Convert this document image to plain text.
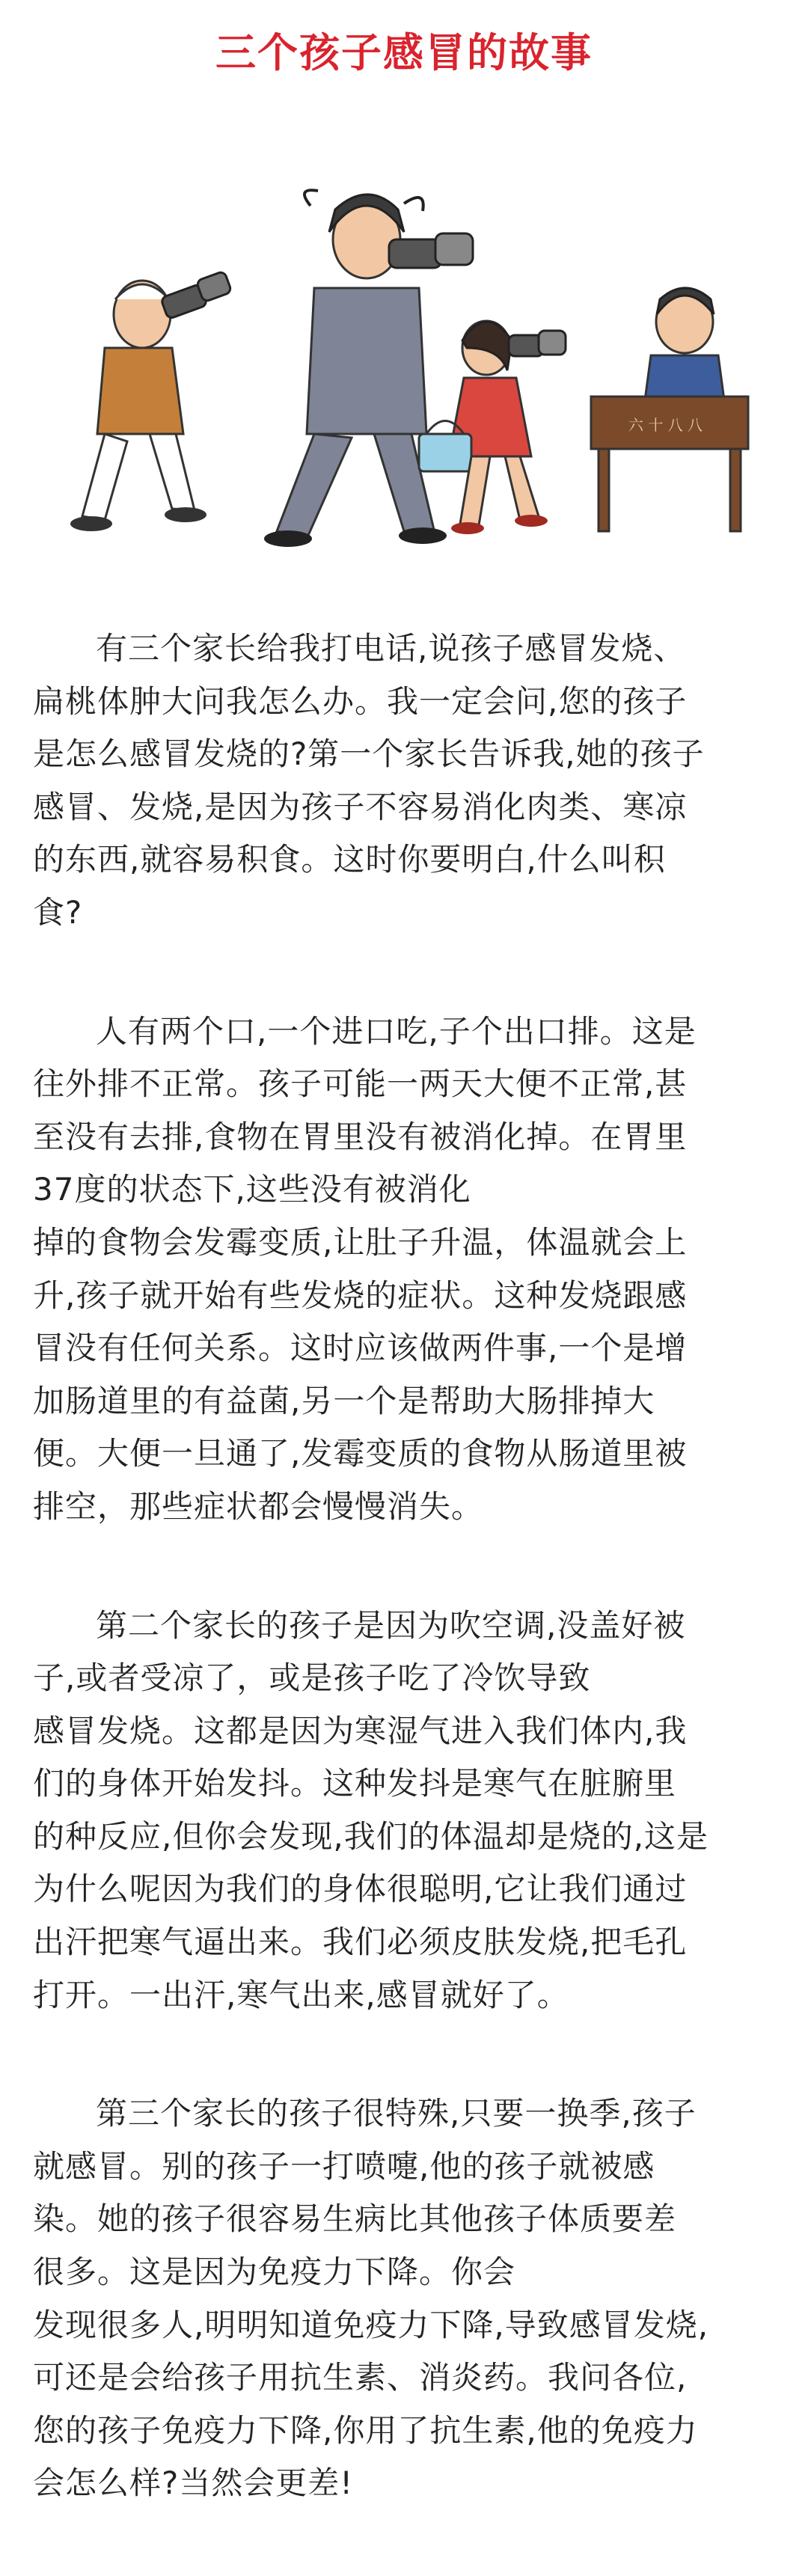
三个孩子感冒的故事
六 十 八 八
有三个家长给我打电话,说孩子感冒发烧、
扁桃体肿大问我怎么办。我一定会问,您的孩子
是怎么感冒发烧的?第一个家长告诉我,她的孩子
感冒、发烧,是因为孩子不容易消化肉类、寒凉
的东西,就容易积食。这时你要明白,什么叫积
食?
人有两个口,一个进口吃,子个出口排。这是
往外排不正常。孩子可能一两天大便不正常,甚
至没有去排,食物在胃里没有被消化掉。在胃里
37度的状态下,这些没有被消化
掉的食物会发霉变质,让肚子升温，体温就会上
升,孩子就开始有些发烧的症状。这种发烧跟感
冒没有任何关系。这时应该做两件事,一个是增
加肠道里的有益菌,另一个是帮助大肠排掉大
便。大便一旦通了,发霉变质的食物从肠道里被
排空，那些症状都会慢慢消失。
第二个家长的孩子是因为吹空调,没盖好被
子,或者受凉了，或是孩子吃了冷饮导致
感冒发烧。这都是因为寒湿气进入我们体内,我
们的身体开始发抖。这种发抖是寒气在脏腑里
的种反应,但你会发现,我们的体温却是烧的,这是
为什么呢因为我们的身体很聪明,它让我们通过
出汗把寒气逼出来。我们必须皮肤发烧,把毛孔
打开。一出汗,寒气出来,感冒就好了。
第三个家长的孩子很特殊,只要一换季,孩子
就感冒。别的孩子一打喷嚏,他的孩子就被感
染。她的孩子很容易生病比其他孩子体质要差
很多。这是因为免疫力下降。你会
发现很多人,明明知道免疫力下降,导致感冒发烧,
可还是会给孩子用抗生素、消炎药。我问各位,
您的孩子免疫力下降,你用了抗生素,他的免疫力
会怎么样?当然会更差!
